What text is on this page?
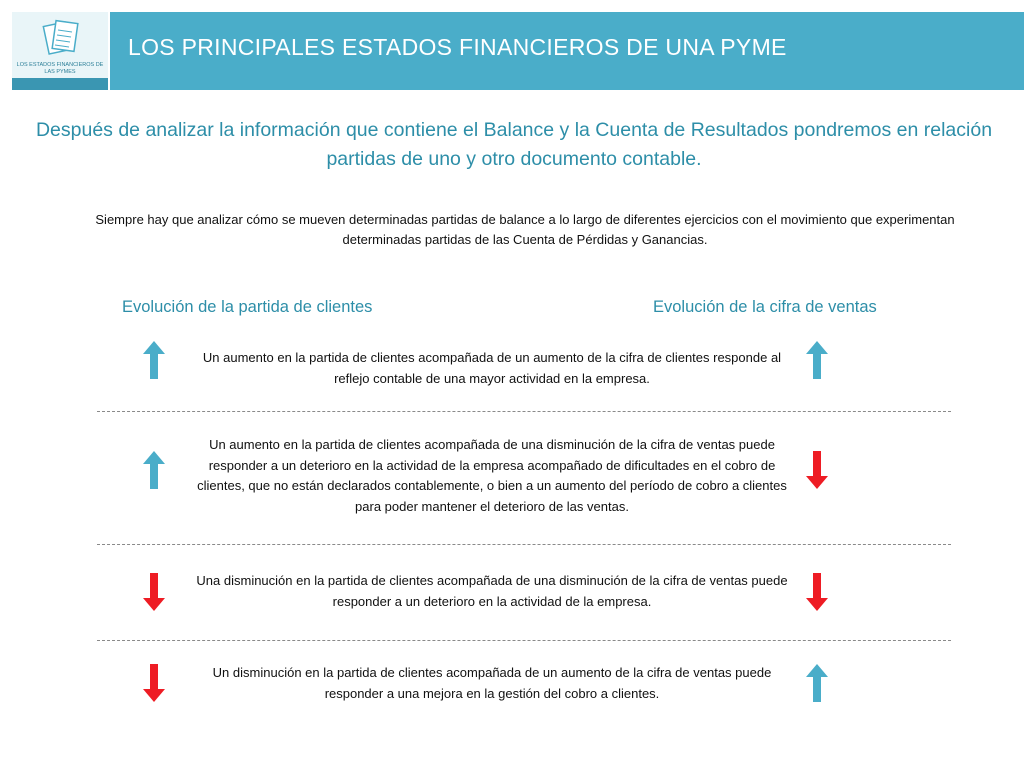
LOS ESTADOS FINANCIEROS DE LAS PYMES
LOS PRINCIPALES ESTADOS FINANCIEROS DE UNA PYME
Después de analizar la información que contiene el Balance y la Cuenta de Resultados pondremos en relación partidas de uno y otro documento contable.
Siempre hay que analizar cómo se mueven determinadas partidas de balance a lo largo de diferentes ejercicios con el movimiento que experimentan determinadas partidas de las Cuenta de Pérdidas y Ganancias.
Evolución de la partida de clientes	Evolución de la cifra de ventas
Un aumento en la partida de clientes acompañada de un aumento de la cifra de clientes responde al reflejo contable de una mayor actividad en la empresa.
Un aumento en la partida de clientes acompañada de una disminución de la cifra de ventas puede responder a un deterioro en la actividad de la empresa acompañado de dificultades en el cobro de clientes, que no están declarados contablemente, o bien a un aumento del período de cobro a clientes para poder mantener el deterioro de las ventas.
Una disminución en la partida de clientes acompañada de una disminución de la cifra de ventas puede responder a un deterioro en la actividad de la empresa.
Un disminución en la partida de clientes acompañada de un aumento de la cifra de ventas puede responder a una mejora en la gestión del cobro a clientes.
